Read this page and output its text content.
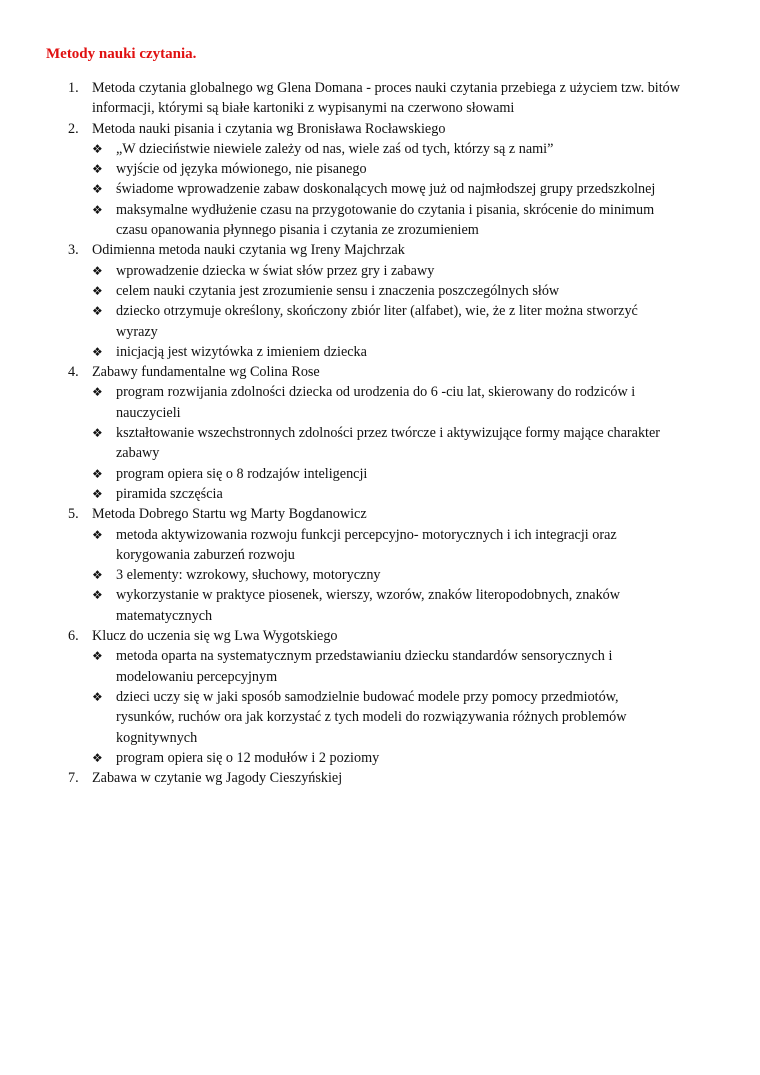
Metody nauki czytania.
1. Metoda czytania globalnego wg Glena Domana - proces nauki czytania przebiega z użyciem tzw. bitów informacji, którymi są białe kartoniki z wypisanymi na czerwono słowami
2. Metoda nauki pisania i czytania wg Bronisława Rocławskiego
❖ „W dzieciństwie niewiele zależy od nas, wiele zaś od tych, którzy są z nami”
❖ wyjście od języka mówionego, nie pisanego
❖ świadome wprowadzenie zabaw doskonalących mowę już od najmłodszej grupy przedszkolnej
❖ maksymalne wydłużenie czasu na przygotowanie do czytania i pisania, skrócenie do minimum czasu opanowania płynnego pisania i czytania ze zrozumieniem
3. Odimienna metoda nauki czytania wg Ireny Majchrzak
❖ wprowadzenie dziecka w świat słów przez gry i zabawy
❖ celem nauki czytania jest zrozumienie sensu i znaczenia poszczególnych słów
❖ dziecko otrzymuje określony, skończony zbiór liter (alfabet), wie, że z liter można stworzyć wyrazy
❖ inicjacją jest wizytówka z imieniem dziecka
4. Zabawy fundamentalne wg Colina Rose
❖ program rozwijania zdolności dziecka od urodzenia do 6 -ciu lat, skierowany do rodziców i nauczycieli
❖ kształtowanie wszechstronnych zdolności przez twórcze i aktywizujące formy mające charakter zabawy
❖ program opiera się o 8 rodzajów inteligencji
❖ piramida szczęścia
5. Metoda Dobrego Startu wg Marty Bogdanowicz
❖ metoda aktywizowania rozwoju funkcji percepcyjno- motorycznych i ich integracji oraz korygowania zaburzeń rozwoju
❖ 3 elementy: wzrokowy, słuchowy, motoryczny
❖ wykorzystanie w praktyce piosenek, wierszy, wzorów, znaków literopodobnych, znaków matematycznych
6. Klucz do uczenia się wg Lwa Wygotskiego
❖ metoda oparta na systematycznym przedstawianiu dziecku standardów sensorycznych i modelowaniu percepcyjnym
❖ dzieci uczy się w jaki sposób samodzielnie budować modele przy pomocy przedmiotów, rysunków, ruchów ora jak korzystać z tych modeli do rozwiązywania różnych problemów kognitywnych
❖ program opiera się o 12 modułów i 2 poziomy
7. Zabawa w czytanie wg Jagody Cieszyńskiej
